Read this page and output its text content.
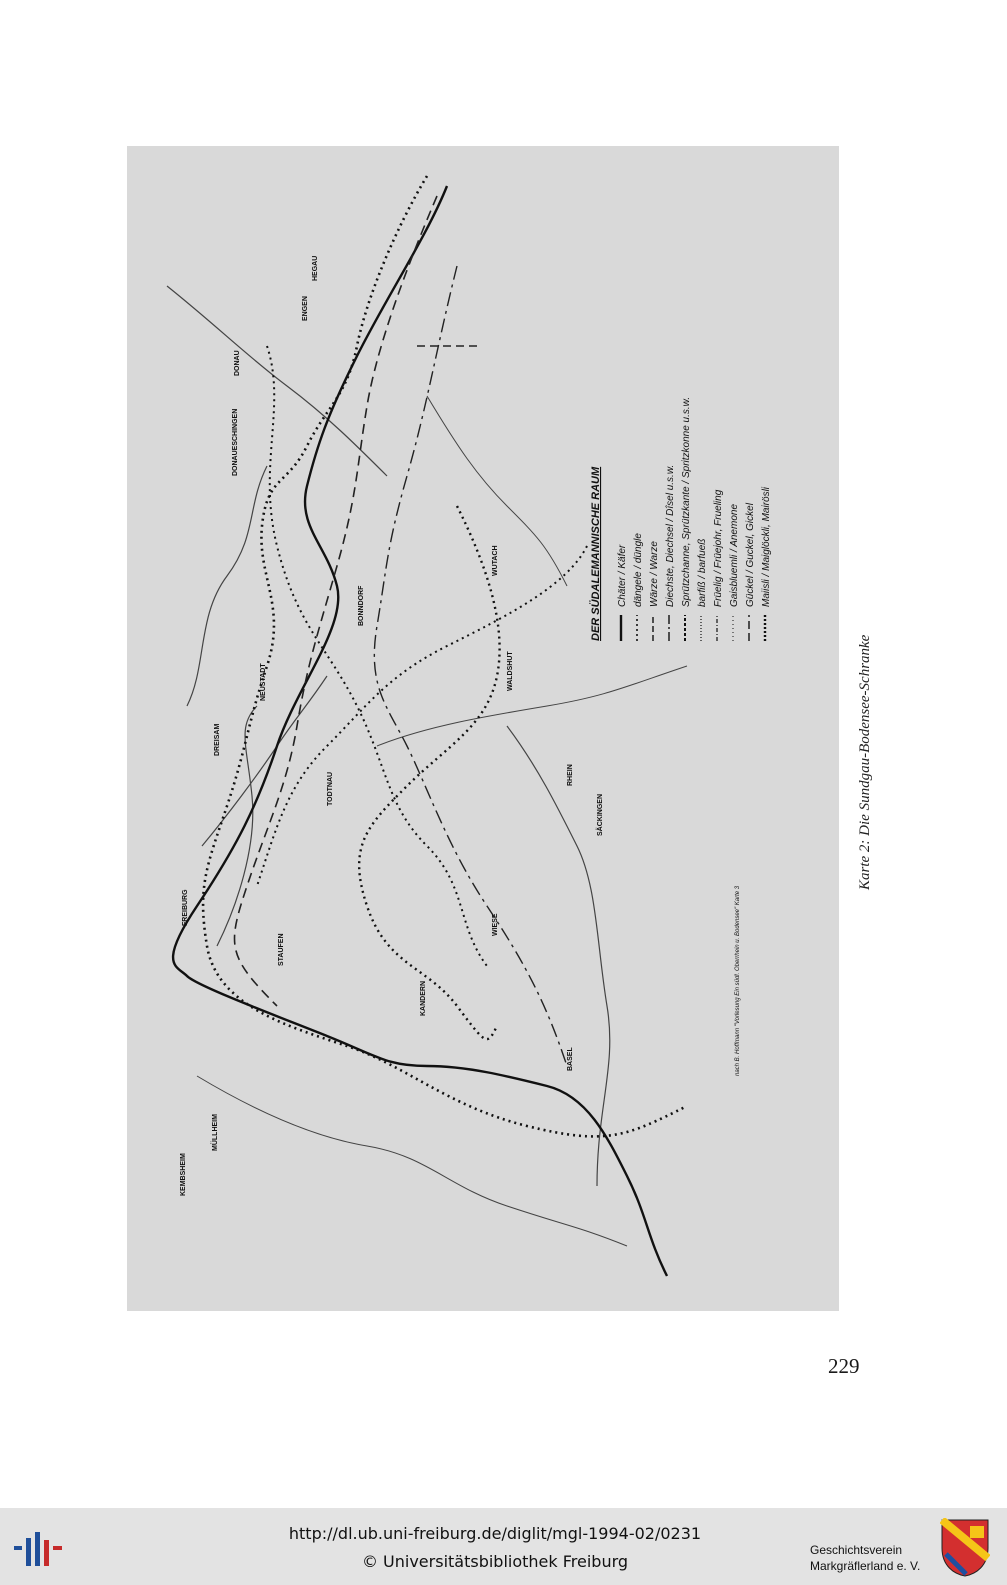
FREIBURG
DONAUESCHINGEN
DONAU
ENGEN
HEGAU
NEUSTADT
DREISAM
TODTNAU
BONNDORF
WALDSHUT
RHEIN
SÄCKINGEN
WIESE
KANDERN
STAUFEN
BASEL
MÜLLHEIM
KEMBSHEIM
WUTACH	DER SÜDALEMANNISCHE RAUM Chäter / Käfer dängele / düngle Wärze / Warze Diechste, Diechsel / Dîsel u.s.w. Sprützchanne, Sprützkante / Spritzkonne u.s.w. barfiß / barfueß Früelig / Früejohr, Frueling Gaisbluemli / Anemone Gückel / Guckel, Gickel Maiisli / Maiglöckli, Mairösli
nach B. Hoffmann "Vorlesung Ein südl. Oberrhein u. Bodensee" Karte 3
Karte 2: Die Sundgau-Bodensee-Schranke
229
http://dl.ub.uni-freiburg.de/diglit/mgl-1994-02/0231
© Universitätsbibliothek Freiburg
Geschichtsverein
Markgräflerland e. V.
